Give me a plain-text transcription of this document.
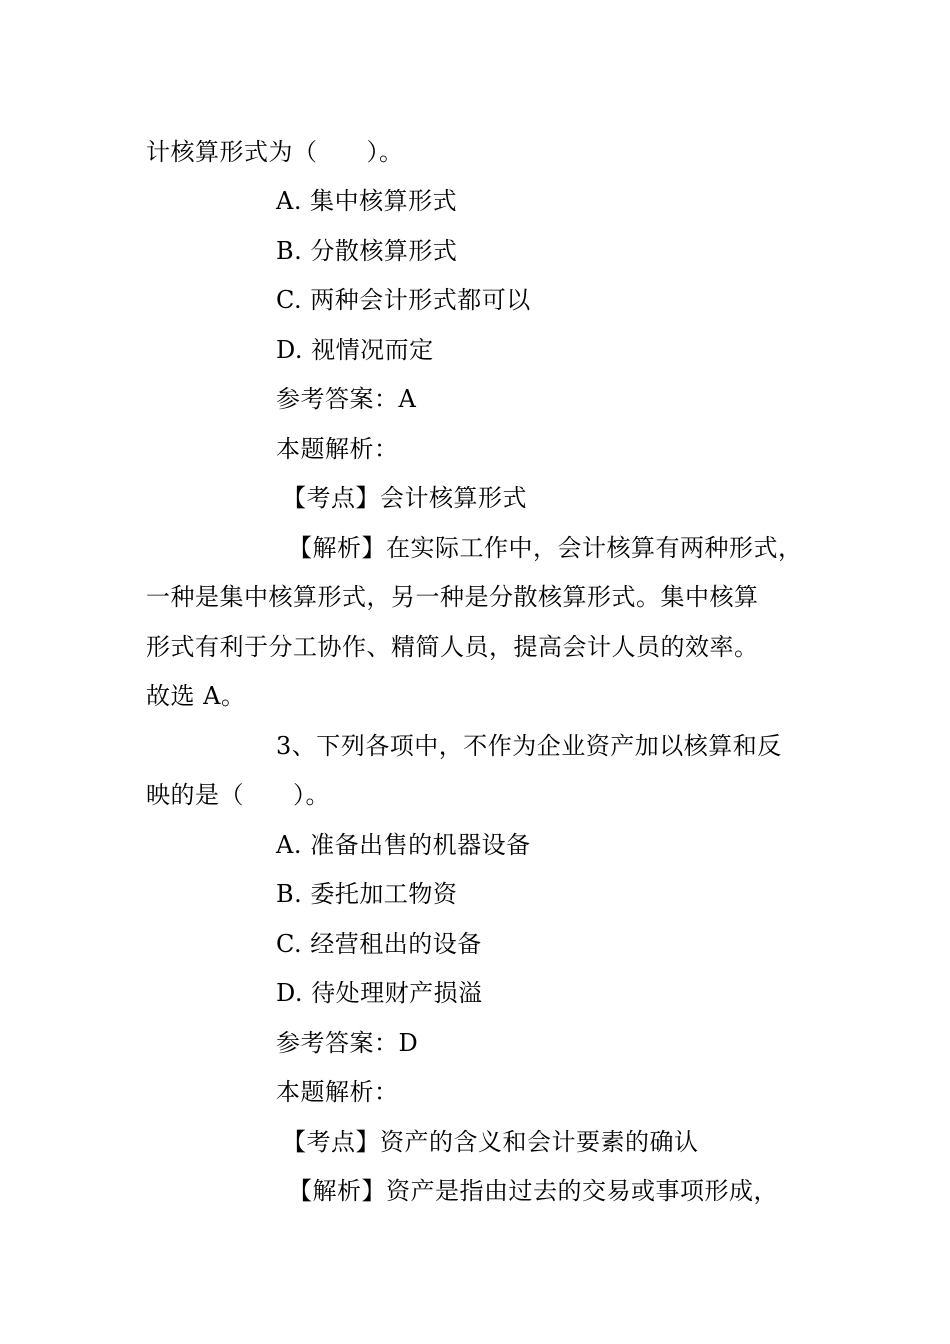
计核算形式为（　　）。
A. 集中核算形式
B. 分散核算形式
C. 两种会计形式都可以
D. 视情况而定
参考答案：A
本题解析：
【考点】会计核算形式
【解析】在实际工作中，会计核算有两种形式，
一种是集中核算形式，另一种是分散核算形式。集中核算
形式有利于分工协作、精简人员，提高会计人员的效率。
故选 A。
3、下列各项中，不作为企业资产加以核算和反
映的是（　　）。
A. 准备出售的机器设备
B. 委托加工物资
C. 经营租出的设备
D. 待处理财产损溢
参考答案：D
本题解析：
【考点】资产的含义和会计要素的确认
【解析】资产是指由过去的交易或事项形成，
